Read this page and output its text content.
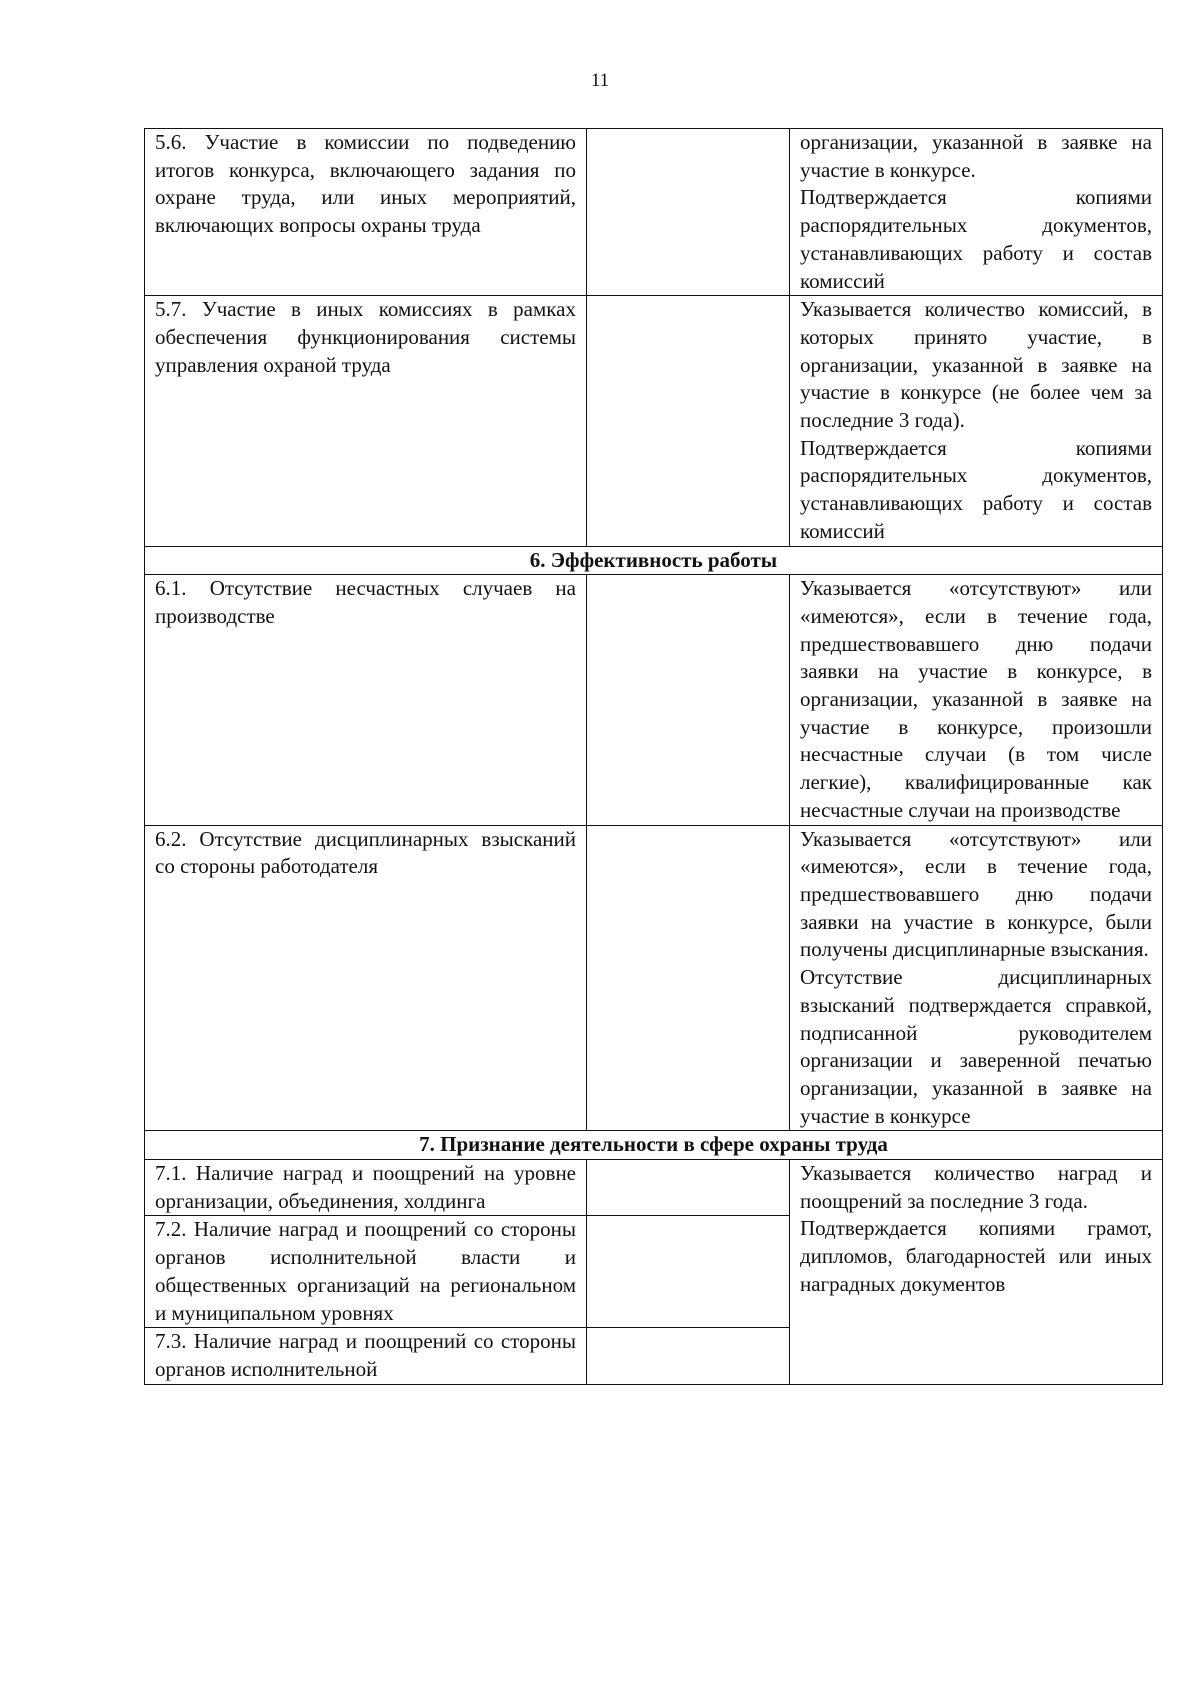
11
5.6. Участие в комиссии по подведению итогов конкурса, включающего задания по охране труда, или иных мероприятий, включающих вопросы охраны труда		организации, указанной в заявке на участие в конкурсе.

Подтверждается копиями распорядительных документов, устанавливающих работу и состав комиссий

5.7. Участие в иных комиссиях в рамках обеспечения функционирования системы управления охраной труда		Указывается количество комиссий, в которых принято участие, в организации, указанной в заявке на участие в конкурсе (не более чем за последние 3 года).

Подтверждается копиями распорядительных документов, устанавливающих работу и состав комиссий

6. Эффективность работы		
6.1. Отсутствие несчастных случаев на производстве		Указывается «отсутствуют» или «имеются», если в течение года, предшествовавшего дню подачи заявки на участие в конкурсе, в организации, указанной в заявке на участие в конкурсе, произошли несчастные случаи (в том числе легкие), квалифицированные как несчастные случаи на производстве

6.2. Отсутствие дисциплинарных взысканий со стороны работодателя		Указывается «отсутствуют» или «имеются», если в течение года, предшествовавшего дню подачи заявки на участие в конкурсе, были получены дисциплинарные взыскания.

Отсутствие дисциплинарных взысканий подтверждается справкой, подписанной руководителем организации и заверенной печатью организации, указанной в заявке на участие в конкурсе

7. Признание деятельности в сфере охраны труда		
7.1. Наличие наград и поощрений на уровне организации, объединения, холдинга		Указывается количество наград и поощрений за последние 3 года.

Подтверждается копиями грамот, дипломов, благодарностей или иных наградных документов

7.2. Наличие наград и поощрений со стороны органов исполнительной власти и общественных организаций на региональном и муниципальном уровнях		
7.3. Наличие наград и поощрений со стороны органов исполнительной		
